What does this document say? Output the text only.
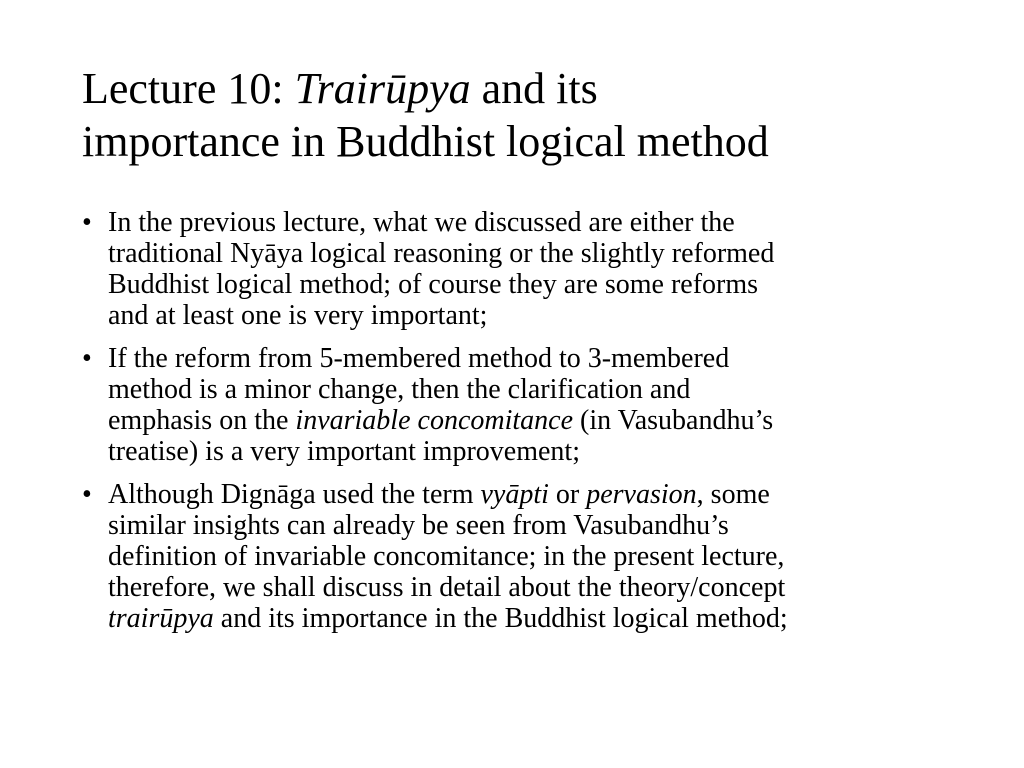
Lecture 10: Trairūpya and its
importance in Buddhist logical method
• In the previous lecture, what we discussed are either the
traditional Nyāya logical reasoning or the slightly reformed
Buddhist logical method; of course they are some reforms
and at least one is very important;
• If the reform from 5-membered method to 3-membered
method is a minor change, then the clarification and
emphasis on the invariable concomitance (in Vasubandhu’s
treatise) is a very important improvement;
• Although Dignāga used the term vyāpti or pervasion, some
similar insights can already be seen from Vasubandhu’s
definition of invariable concomitance; in the present lecture,
therefore, we shall discuss in detail about the theory/concept
trairūpya and its importance in the Buddhist logical method;
